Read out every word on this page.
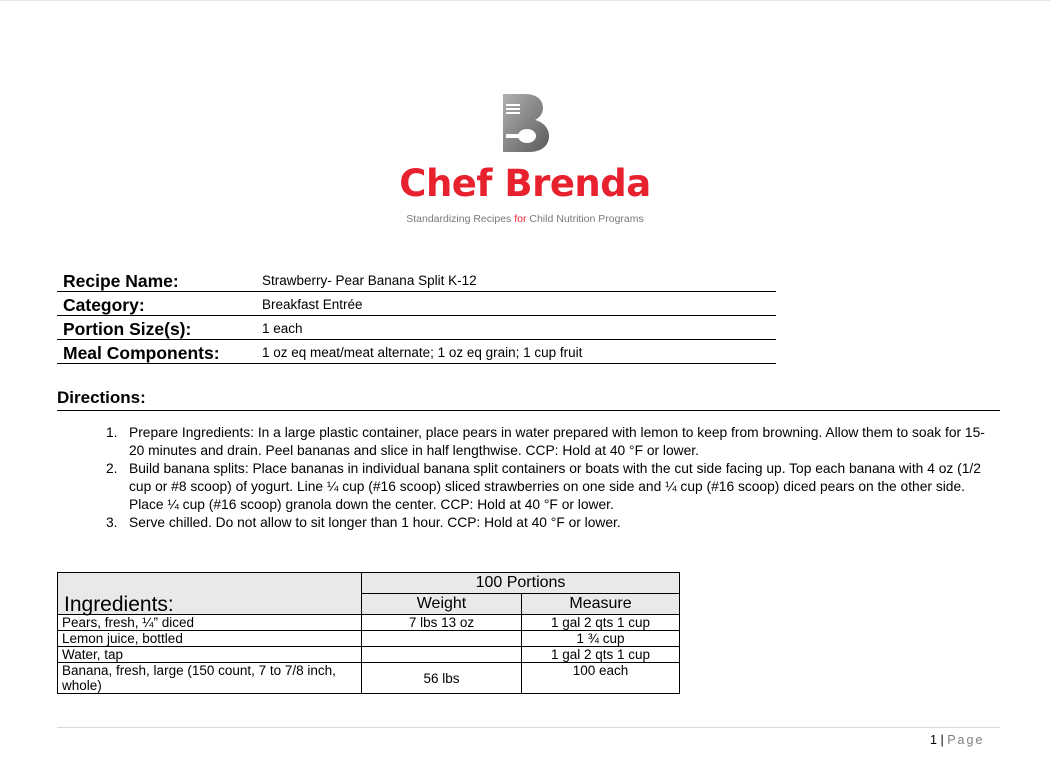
Chef Brenda
Standardizing Recipes for Child Nutrition Programs
Recipe Name:	Strawberry- Pear Banana Split K-12
Category:	Breakfast Entrée
Portion Size(s):	1 each
Meal Components:	1 oz eq meat/meat alternate; 1 oz eq grain; 1 cup fruit
Directions:
1. Prepare Ingredients: In a large plastic container, place pears in water prepared with lemon to keep from browning. Allow them to soak for 15-20 minutes and drain. Peel bananas and slice in half lengthwise. CCP: Hold at 40 °F or lower.
2. Build banana splits: Place bananas in individual banana split containers or boats with the cut side facing up. Top each banana with 4 oz (1/2 cup or #8 scoop) of yogurt. Line ¼ cup (#16 scoop) sliced strawberries on one side and ¼ cup (#16 scoop) diced pears on the other side. Place ¼ cup (#16 scoop) granola down the center. CCP: Hold at 40 °F or lower.
3. Serve chilled. Do not allow to sit longer than 1 hour. CCP: Hold at 40 °F or lower.
Ingredients:	100 Portions	
	Weight	Measure
Pears, fresh, ¼” diced	7 lbs 13 oz	1 gal 2 qts 1 cup
Lemon juice, bottled		1 ¾ cup
Water, tap		1 gal 2 qts 1 cup
Banana, fresh, large (150 count, 7 to 7/8 inch, whole)	56 lbs	100 each
1 | Page
